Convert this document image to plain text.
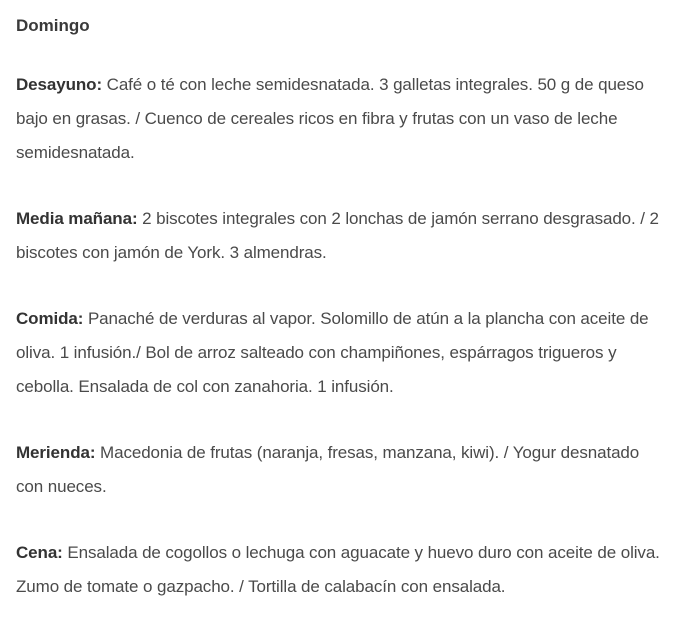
Domingo

Desayuno: Café o té con leche semidesnatada. 3 galletas integrales. 50 g de queso bajo en grasas. / Cuenco de cereales ricos en fibra y frutas con un vaso de leche semidesnatada.

Media mañana: 2 biscotes integrales con 2 lonchas de jamón serrano desgrasado. / 2 biscotes con jamón de York. 3 almendras.

Comida: Panaché de verduras al vapor. Solomillo de atún a la plancha con aceite de oliva. 1 infusión./ Bol de arroz salteado con champiñones, espárragos trigueros y cebolla. Ensalada de col con zanahoria. 1 infusión.

Merienda: Macedonia de frutas (naranja, fresas, manzana, kiwi). / Yogur desnatado con nueces.

Cena: Ensalada de cogollos o lechuga con aguacate y huevo duro con aceite de oliva. Zumo de tomate o gazpacho. / Tortilla de calabacín con ensalada.
